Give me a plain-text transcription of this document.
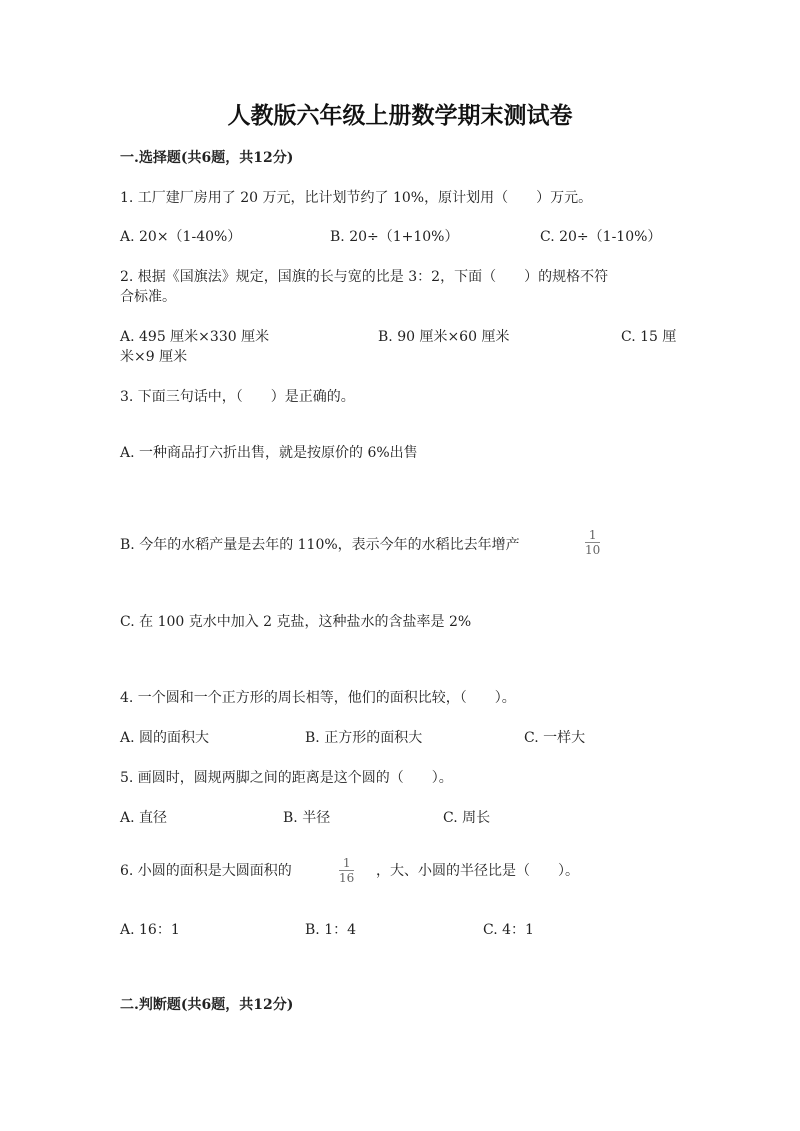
人教版六年级上册数学期末测试卷
一.选择题(共6题，共12分)
1. 工厂建厂房用了 20 万元，比计划节约了 10%，原计划用（　　）万元。
A. 20×（1-40%）	B. 20÷（1+10%）	C. 20÷（1-10%）
2. 根据《国旗法》规定，国旗的长与宽的比是 3：2，下面（　　）的规格不符
合标准。
A. 495 厘米×330 厘米	B. 90 厘米×60 厘米	C. 15 厘
米×9 厘米
3. 下面三句话中，（　　）是正确的。
A. 一种商品打六折出售，就是按原价的 6%出售
B. 今年的水稻产量是去年的 110%，表示今年的水稻比去年增产	$\frac{1}{10}$
C. 在 100 克水中加入 2 克盐，这种盐水的含盐率是 2%
4. 一个圆和一个正方形的周长相等，他们的面积比较，（　　）。
A. 圆的面积大	B. 正方形的面积大	C. 一样大
5. 画圆时，圆规两脚之间的距离是这个圆的（　　）。
A. 直径	B. 半径	C. 周长
6. 小圆的面积是大圆面积的	$\frac{1}{16}$ ，大、小圆的半径比是（　　）。
A. 16：1	B. 1：4	C. 4：1
二.判断题(共6题，共12分)
